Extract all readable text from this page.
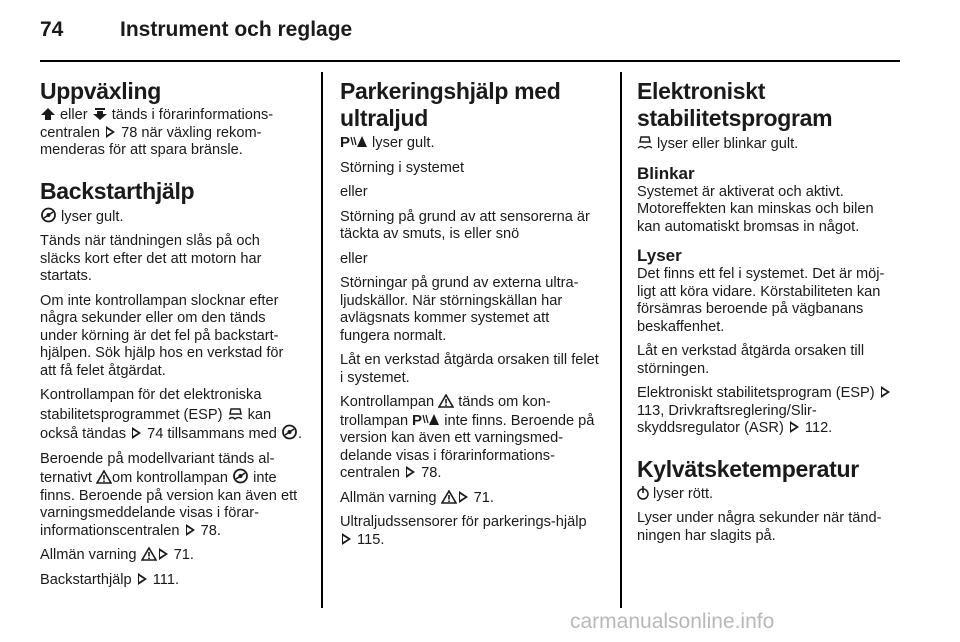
74	Instrument och reglage
Uppväxling

eller  tänds i förarinformations-centralen  78 när växling rekom-menderas för att spara bränsle.

Backstarthjälp

lyser gult.

Tänds när tändningen slås på och släcks kort efter det att motorn har startats.

Om inte kontrollampan slocknar efter några sekunder eller om den tänds under körning är det fel på backstart-hjälpen. Sök hjälp hos en verkstad för att få felet åtgärdat.

Kontrollampan för det elektroniska stabilitetsprogrammet (ESP)  kan också tändas  74 tillsammans med .

Beroende på modellvariant tänds al-ternativt om kontrollampan  inte finns. Beroende på version kan även ett varningsmeddelande visas i förar-informationscentralen  78.

Allmän varning  71.

Backstarthjälp  111.

Parkeringshjälp med ultraljud

P lyser gult.

Störning i systemet

eller

Störning på grund av att sensorerna är täckta av smuts, is eller snö

eller

Störningar på grund av externa ultra-ljudskällor. När störningskällan har avlägsnats kommer systemet att fungera normalt.

Låt en verkstad åtgärda orsaken till felet i systemet.

Kontrollampan  tänds om kon-trollampan P inte finns. Beroende på version kan även ett varningsmed-delande visas i förarinformations-centralen  78.

Allmän varning  71.

Ultraljudssensorer för parkerings-hjälp  115.

Elektroniskt stabilitetsprogram

lyser eller blinkar gult.

Blinkar

Systemet är aktiverat och aktivt. Motoreffekten kan minskas och bilen kan automatiskt bromsas in något.

Lyser

Det finns ett fel i systemet. Det är möj-ligt att köra vidare. Körstabiliteten kan försämras beroende på vägbanans beskaffenhet.

Låt en verkstad åtgärda orsaken till störningen.

Elektroniskt stabilitetsprogram (ESP)  113, Drivkraftsreglering/Slir-skyddsregulator (ASR)  112.

Kylvätsketemperatur

lyser rött.

Lyser under några sekunder när tänd-ningen har slagits på.

carmanualsonline.info
